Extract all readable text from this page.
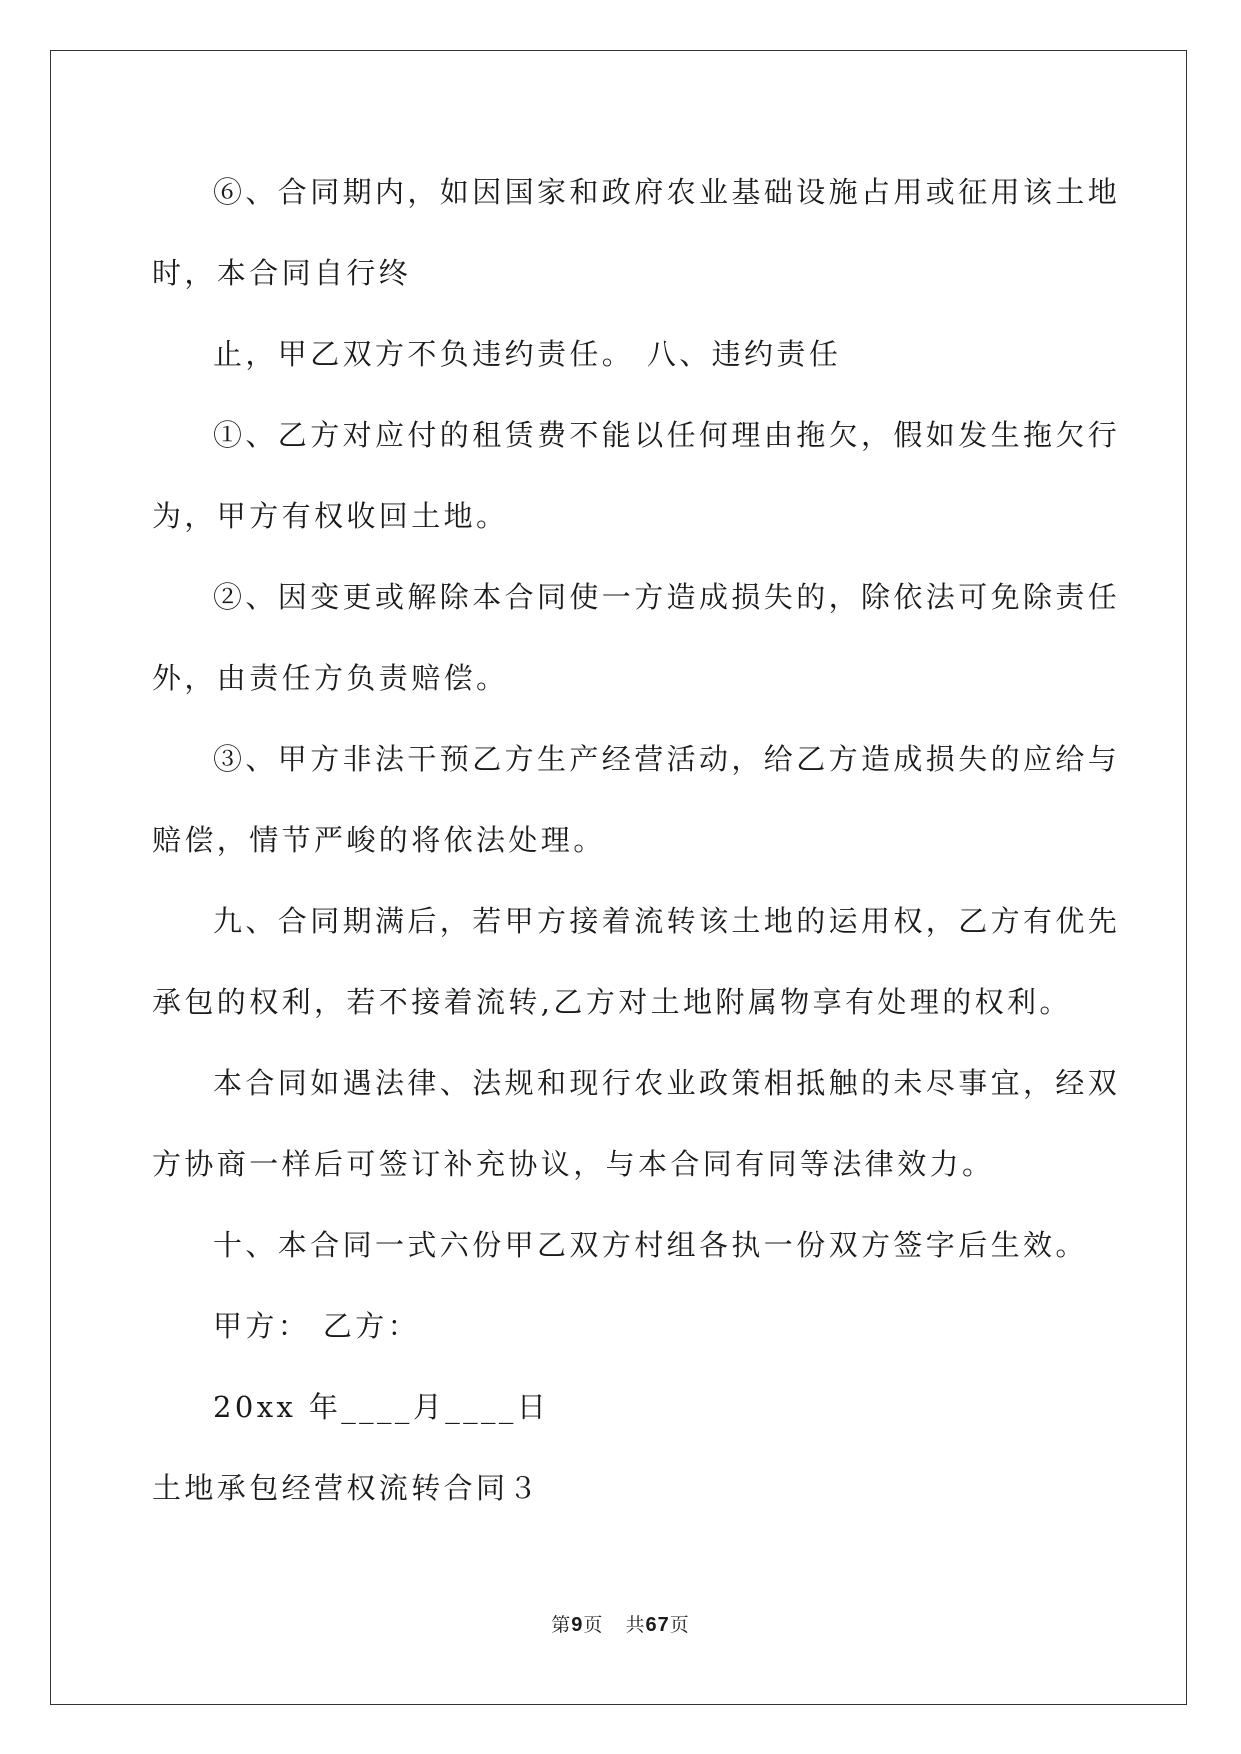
⑥、合同期内，如因国家和政府农业基础设施占用或征用该土地
时，本合同自行终
止，甲乙双方不负违约责任。 八、违约责任
①、乙方对应付的租赁费不能以任何理由拖欠，假如发生拖欠行
为，甲方有权收回土地。
②、因变更或解除本合同使一方造成损失的，除依法可免除责任
外，由责任方负责赔偿。
③、甲方非法干预乙方生产经营活动，给乙方造成损失的应给与
赔偿，情节严峻的将依法处理。
九、合同期满后，若甲方接着流转该土地的运用权，乙方有优先
承包的权利，若不接着流转,乙方对土地附属物享有处理的权利。
本合同如遇法律、法规和现行农业政策相抵触的未尽事宜，经双
方协商一样后可签订补充协议，与本合同有同等法律效力。
十、本合同一式六份甲乙双方村组各执一份双方签字后生效。
甲方： 乙方：
20xx 年____月____日
土地承包经营权流转合同３
第9页 共67页
